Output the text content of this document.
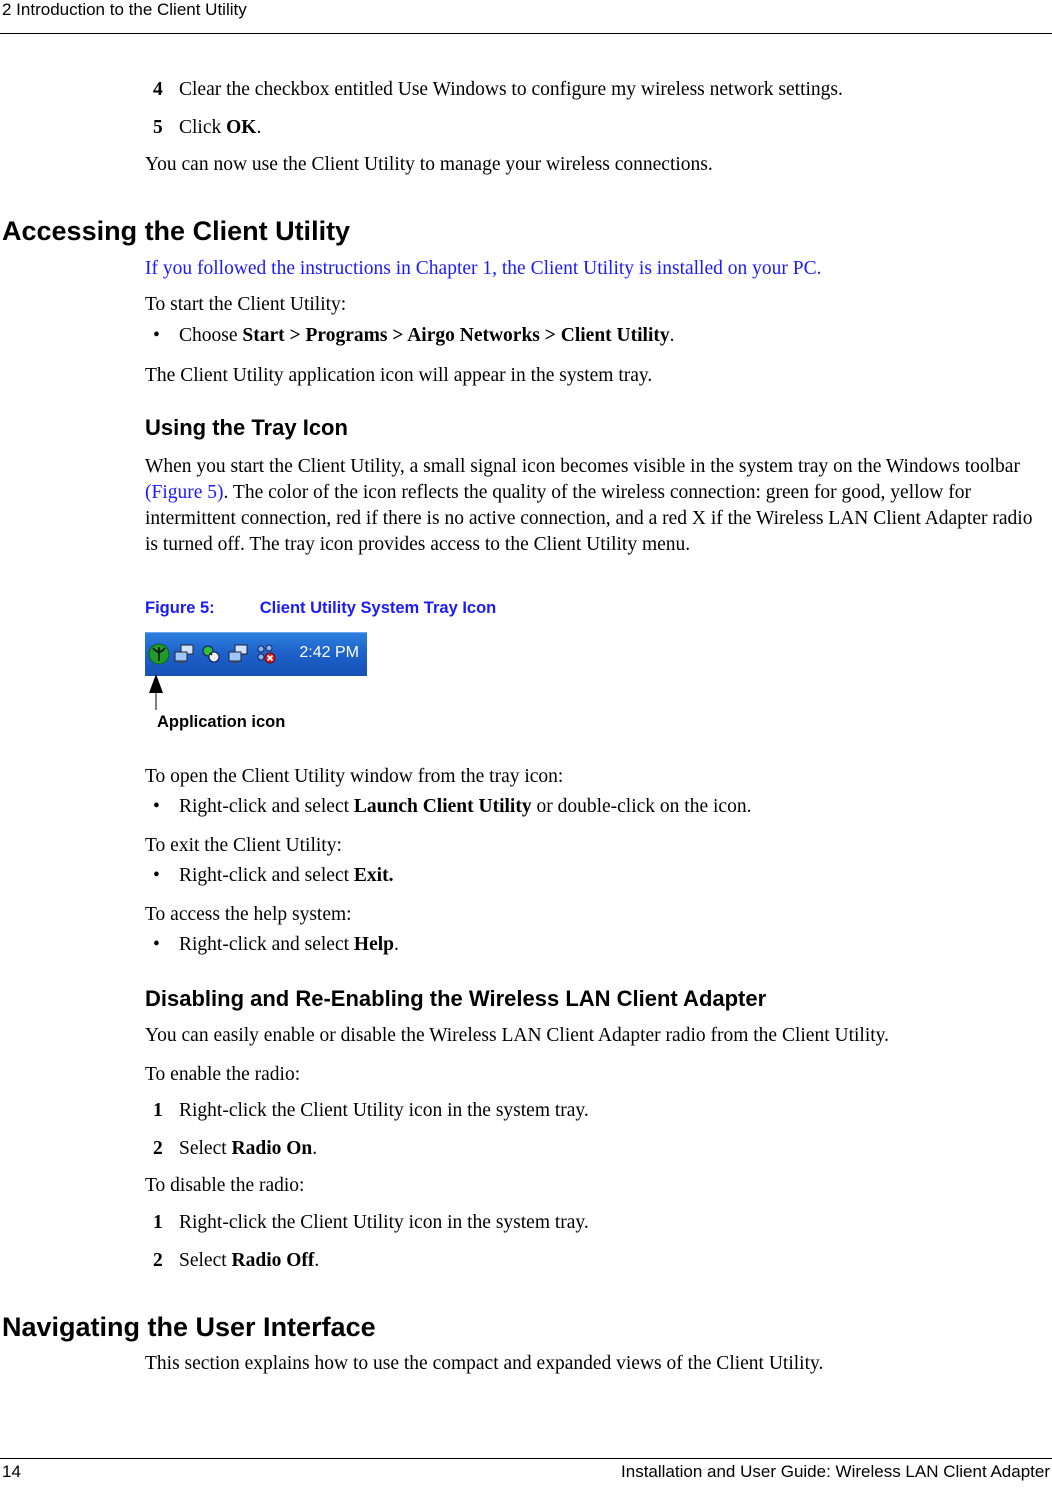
2 Introduction to the Client Utility
4 Clear the checkbox entitled Use Windows to configure my wireless network settings.
5 Click OK.
You can now use the Client Utility to manage your wireless connections.
Accessing the Client Utility
If you followed the instructions in Chapter 1, the Client Utility is installed on your PC.
To start the Client Utility:
• Choose Start > Programs > Airgo Networks > Client Utility.
The Client Utility application icon will appear in the system tray.
Using the Tray Icon
When you start the Client Utility, a small signal icon becomes visible in the system tray on the Windows toolbar (Figure 5). The color of the icon reflects the quality of the wireless connection: green for good, yellow for intermittent connection, red if there is no active connection, and a red X if the Wireless LAN Client Adapter radio is turned off. The tray icon provides access to the Client Utility menu.
Figure 5:	Client Utility System Tray Icon
2:42 PM
Application icon
To open the Client Utility window from the tray icon:
• Right-click and select Launch Client Utility or double-click on the icon.
To exit the Client Utility:
• Right-click and select Exit.
To access the help system:
• Right-click and select Help.
Disabling and Re-Enabling the Wireless LAN Client Adapter
You can easily enable or disable the Wireless LAN Client Adapter radio from the Client Utility.
To enable the radio:
1 Right-click the Client Utility icon in the system tray.
2 Select Radio On.
To disable the radio:
1 Right-click the Client Utility icon in the system tray.
2 Select Radio Off.
Navigating the User Interface
This section explains how to use the compact and expanded views of the Client Utility.
14	Installation and User Guide: Wireless LAN Client Adapter
